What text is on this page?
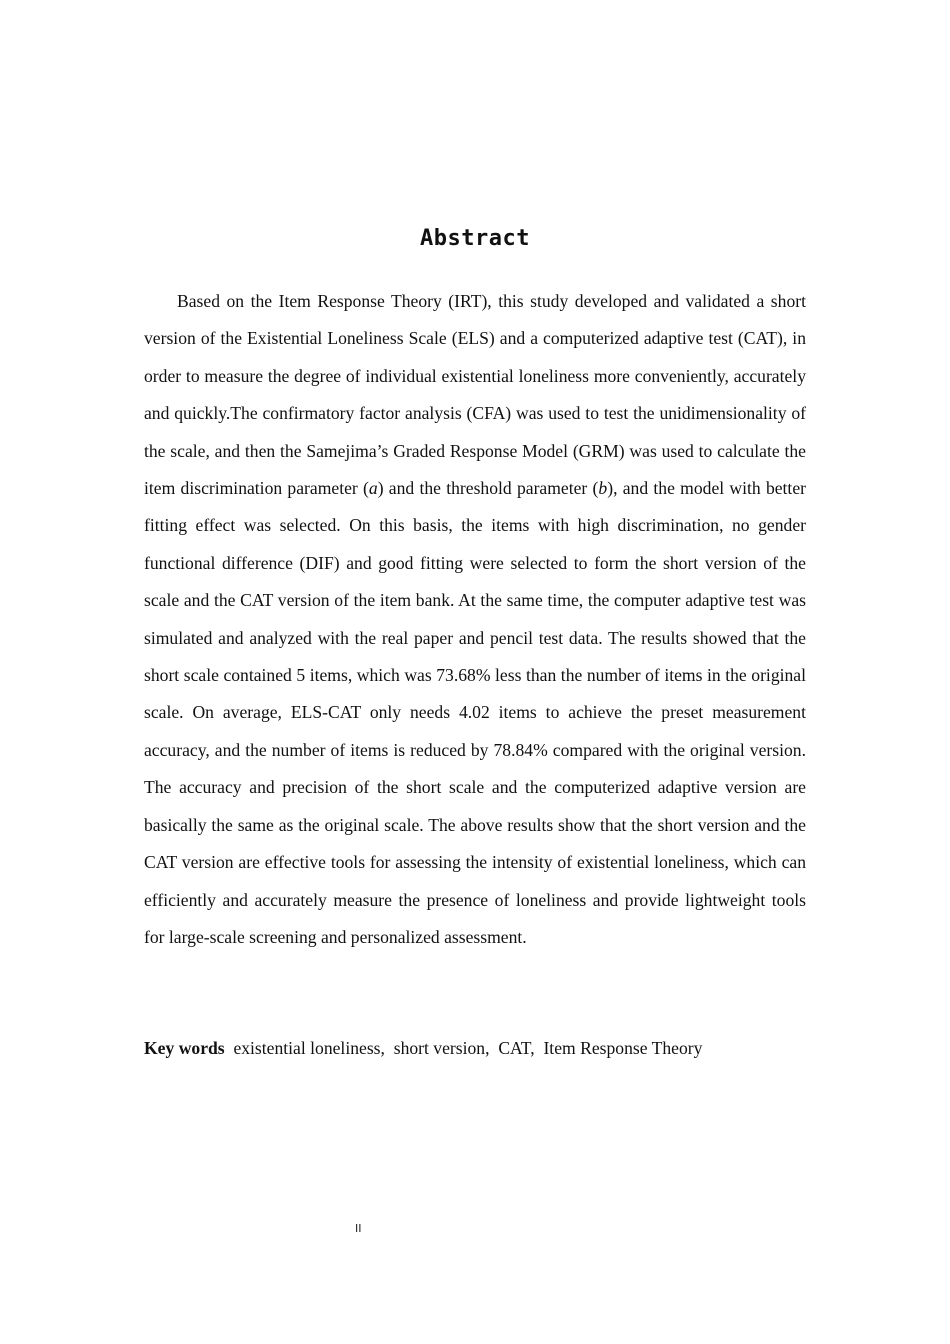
Abstract

Based on the Item Response Theory (IRT), this study developed and validated a short version of the Existential Loneliness Scale (ELS) and a computerized adaptive test (CAT), in order to measure the degree of individual existential loneliness more conveniently, accurately and quickly.The confirmatory factor analysis (CFA) was used to test the unidimensionality of the scale, and then the Samejima’s Graded Response Model (GRM) was used to calculate the item discrimination parameter (a) and the threshold parameter (b), and the model with better fitting effect was selected. On this basis, the items with high discrimination, no gender functional difference (DIF) and good fitting were selected to form the short version of the scale and the CAT version of the item bank. At the same time, the computer adaptive test was simulated and analyzed with the real paper and pencil test data. The results showed that the short scale contained 5 items, which was 73.68% less than the number of items in the original scale. On average, ELS-CAT only needs 4.02 items to achieve the preset measurement accuracy, and the number of items is reduced by 78.84% compared with the original version. The accuracy and precision of the short scale and the computerized adaptive version are basically the same as the original scale. The above results show that the short version and the CAT version are effective tools for assessing the intensity of existential loneliness, which can efficiently and accurately measure the presence of loneliness and provide lightweight tools for large-scale screening and personalized assessment.

Key words existential loneliness,  short version,  CAT,  Item Response Theory

II
